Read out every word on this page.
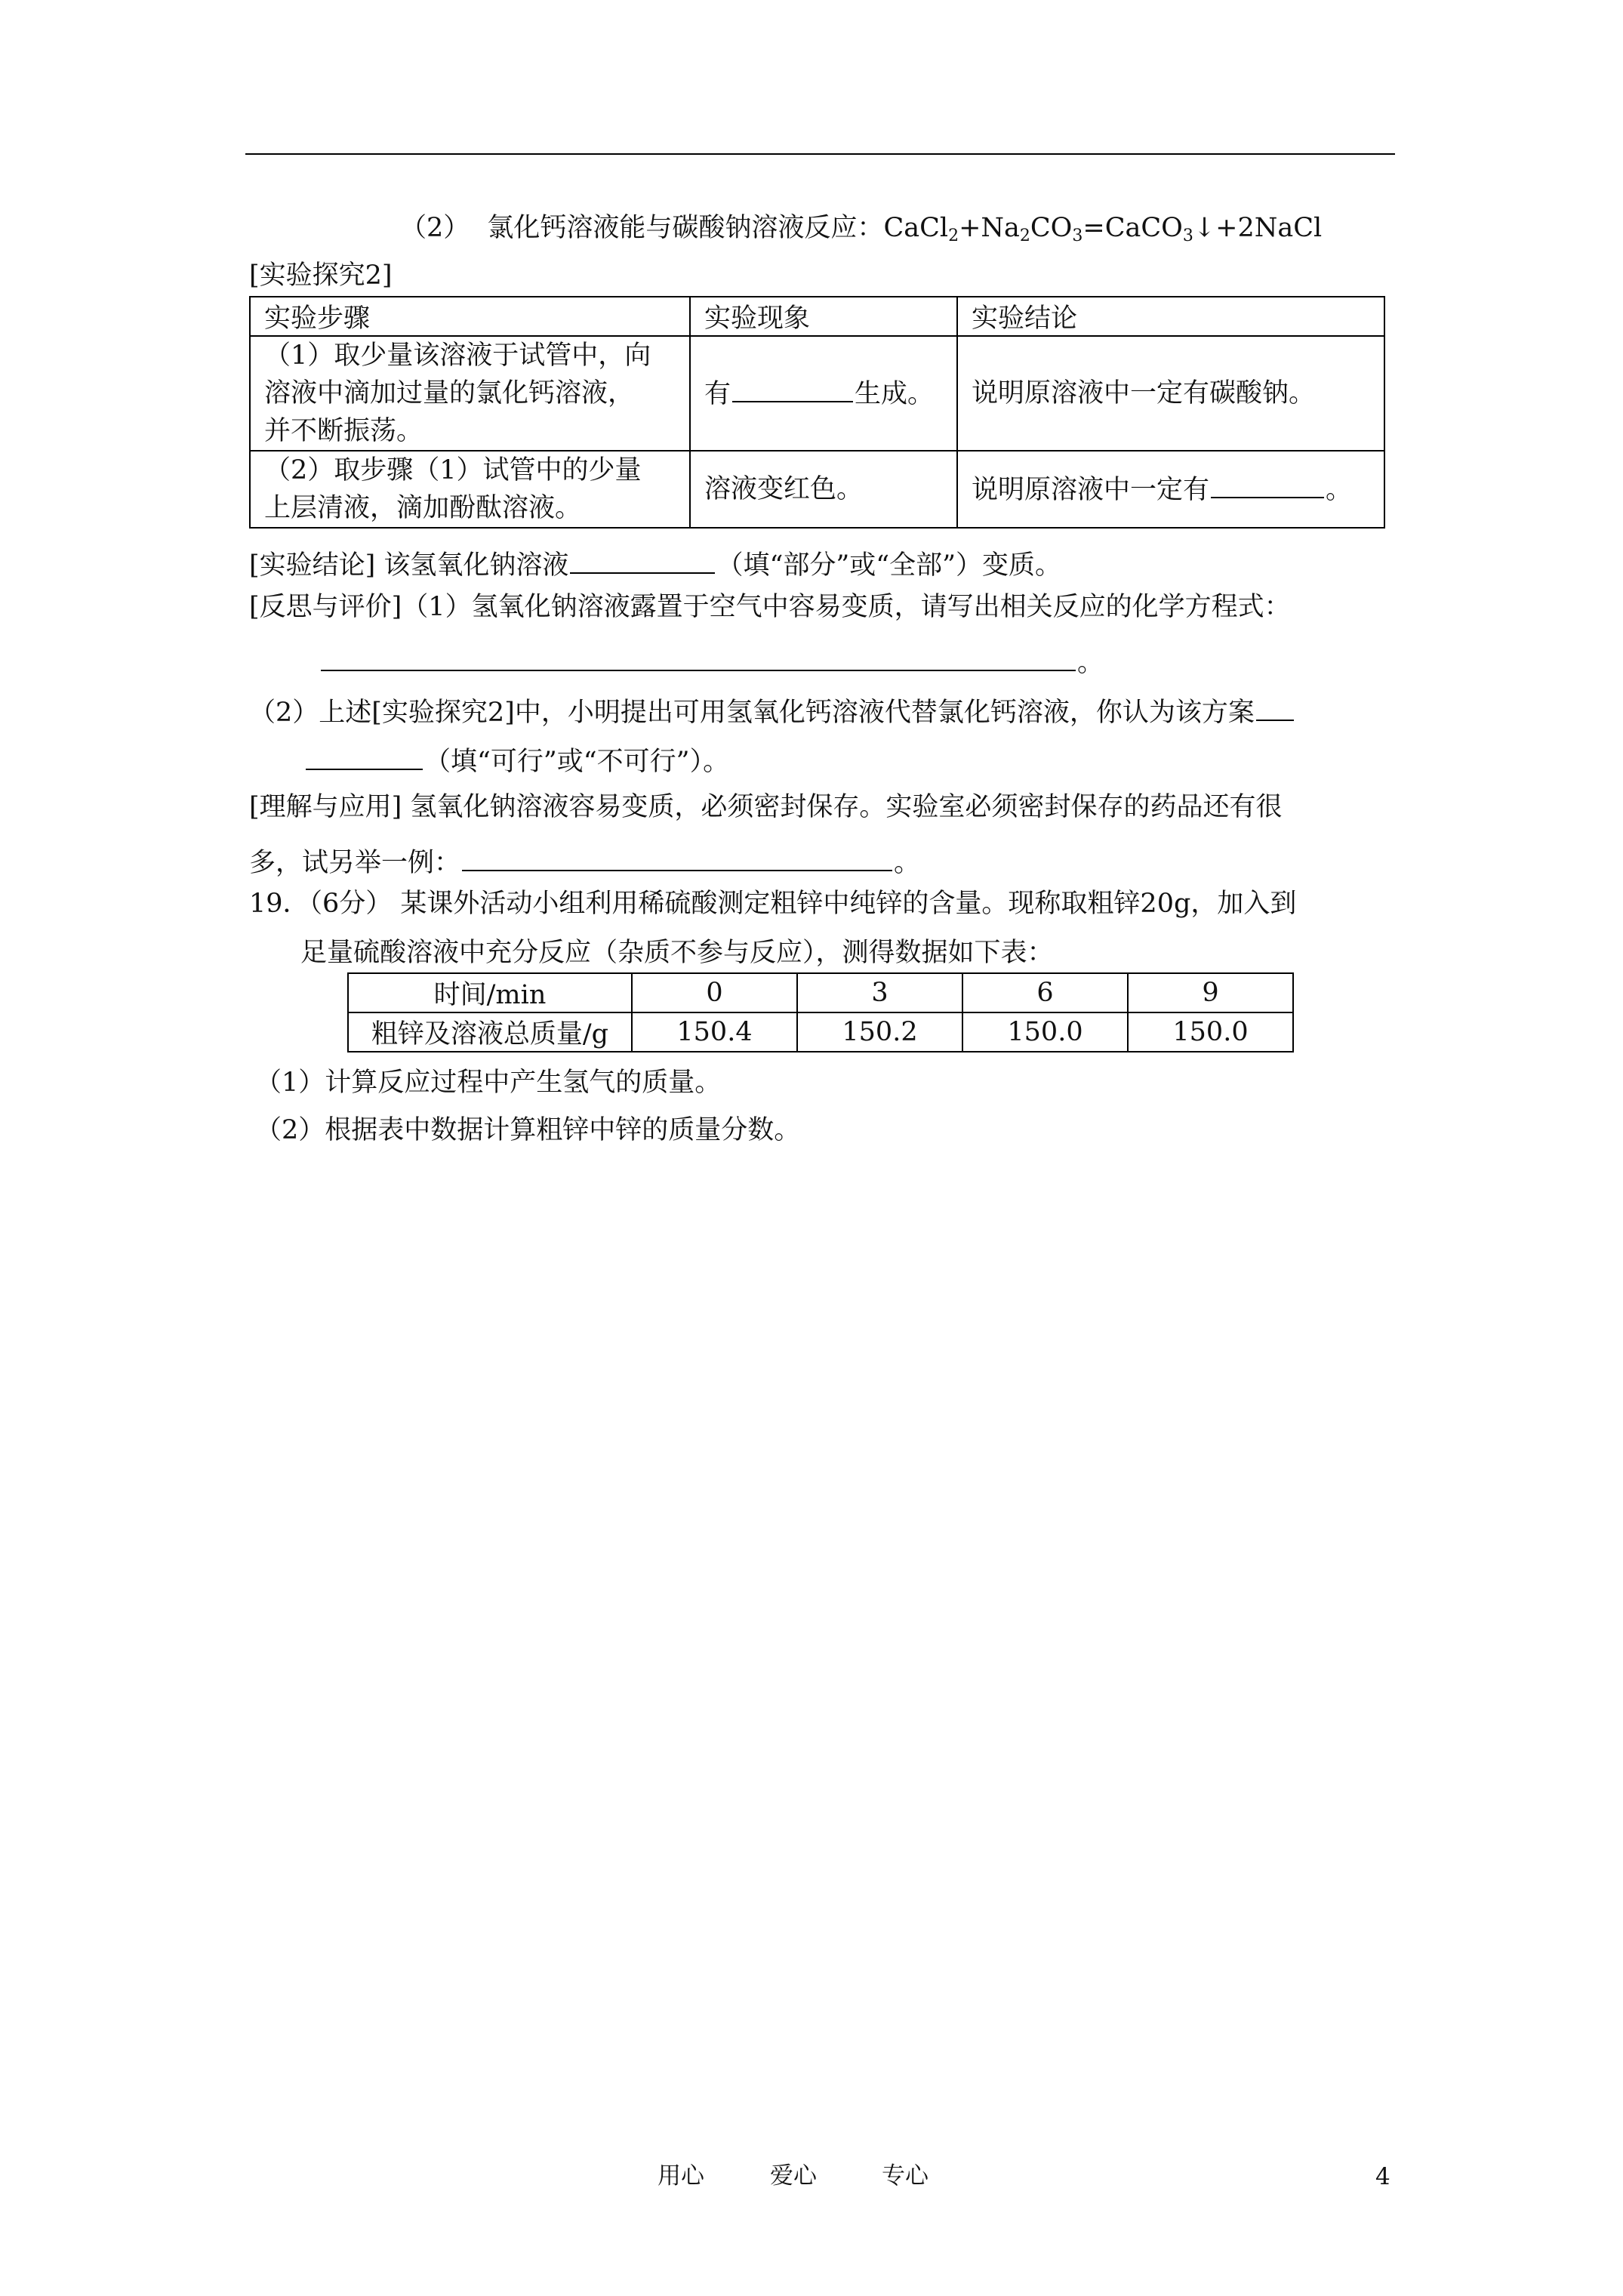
（2） 氯化钙溶液能与碳酸钠溶液反应：$CaCl_2+Na_2CO_3=CaCO_3↓+2NaCl$
[实验探究2]
实验步骤	实验现象	实验结论

（1）取少量该溶液于试管中，向
溶液中滴加过量的氯化钙溶液，
并不断振荡。	有 生成。	说明原溶液中一定有碳酸钠。

（2）取步骤（1）试管中的少量
上层清液，滴加酚酞溶液。	溶液变红色。	说明原溶液中一定有 。
[实验结论] 该氢氧化钠溶液	（填“部分”或“全部”）变质。
[反思与评价]（1）氢氧化钠溶液露置于空气中容易变质，请写出相关反应的化学方程式：
。
（2）上述[实验探究2]中，小明提出可用氢氧化钙溶液代替氯化钙溶液，你认为该方案
（填“可行”或“不可行”）。
[理解与应用] 氢氧化钠溶液容易变质，必须密封保存。实验室必须密封保存的药品还有很
多，试另举一例：	。
19．（6分） 某课外活动小组利用稀硫酸测定粗锌中纯锌的含量。现称取粗锌20g，加入到
足量硫酸溶液中充分反应（杂质不参与反应），测得数据如下表：
时间/min	0	3	6	9
粗锌及溶液总质量/g	150.4	150.2	150.0	150.0
（1）计算反应过程中产生氢气的质量。
（2）根据表中数据计算粗锌中锌的质量分数。
用心	爱心	专心	4
